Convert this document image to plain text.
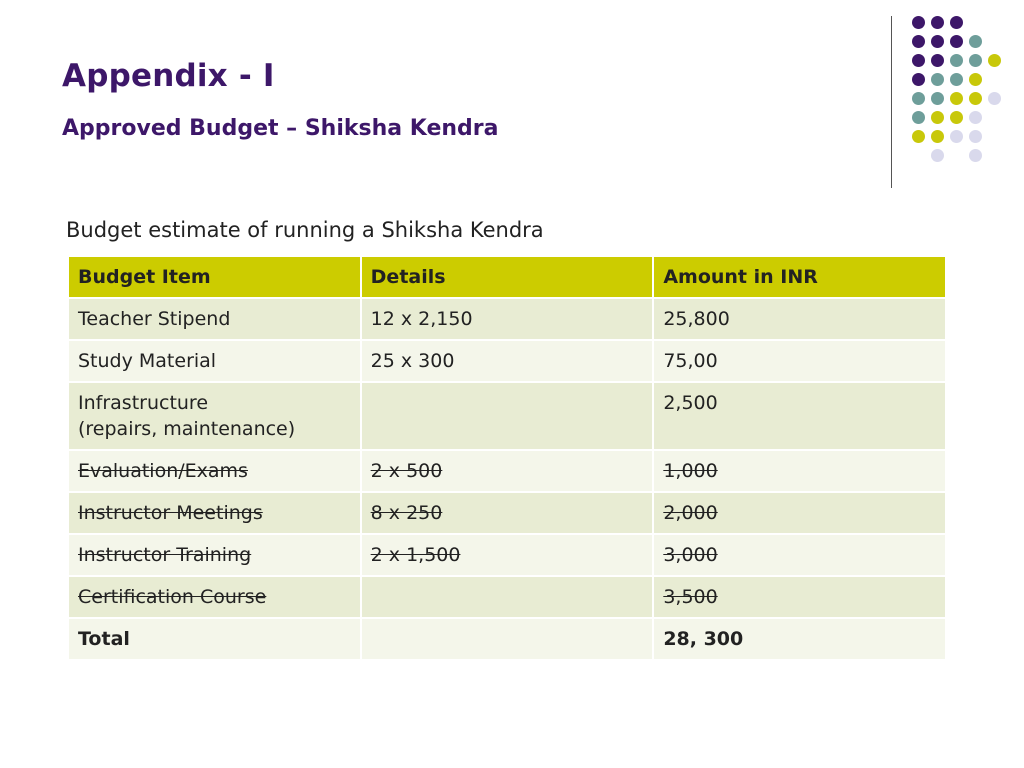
Appendix - I
Approved Budget – Shiksha Kendra
Budget estimate of running a Shiksha Kendra
Budget Item	Details	Amount in INR
Teacher Stipend	12 x 2,150	25,800
Study Material	25 x 300	75,00

Infrastructure
(repairs, maintenance)		2,500
Evaluation/Exams	2 x 500	1,000
Instructor Meetings	8 x 250	2,000
Instructor Training	2 x 1,500	3,000
Certification Course		3,500
Total		28, 300
